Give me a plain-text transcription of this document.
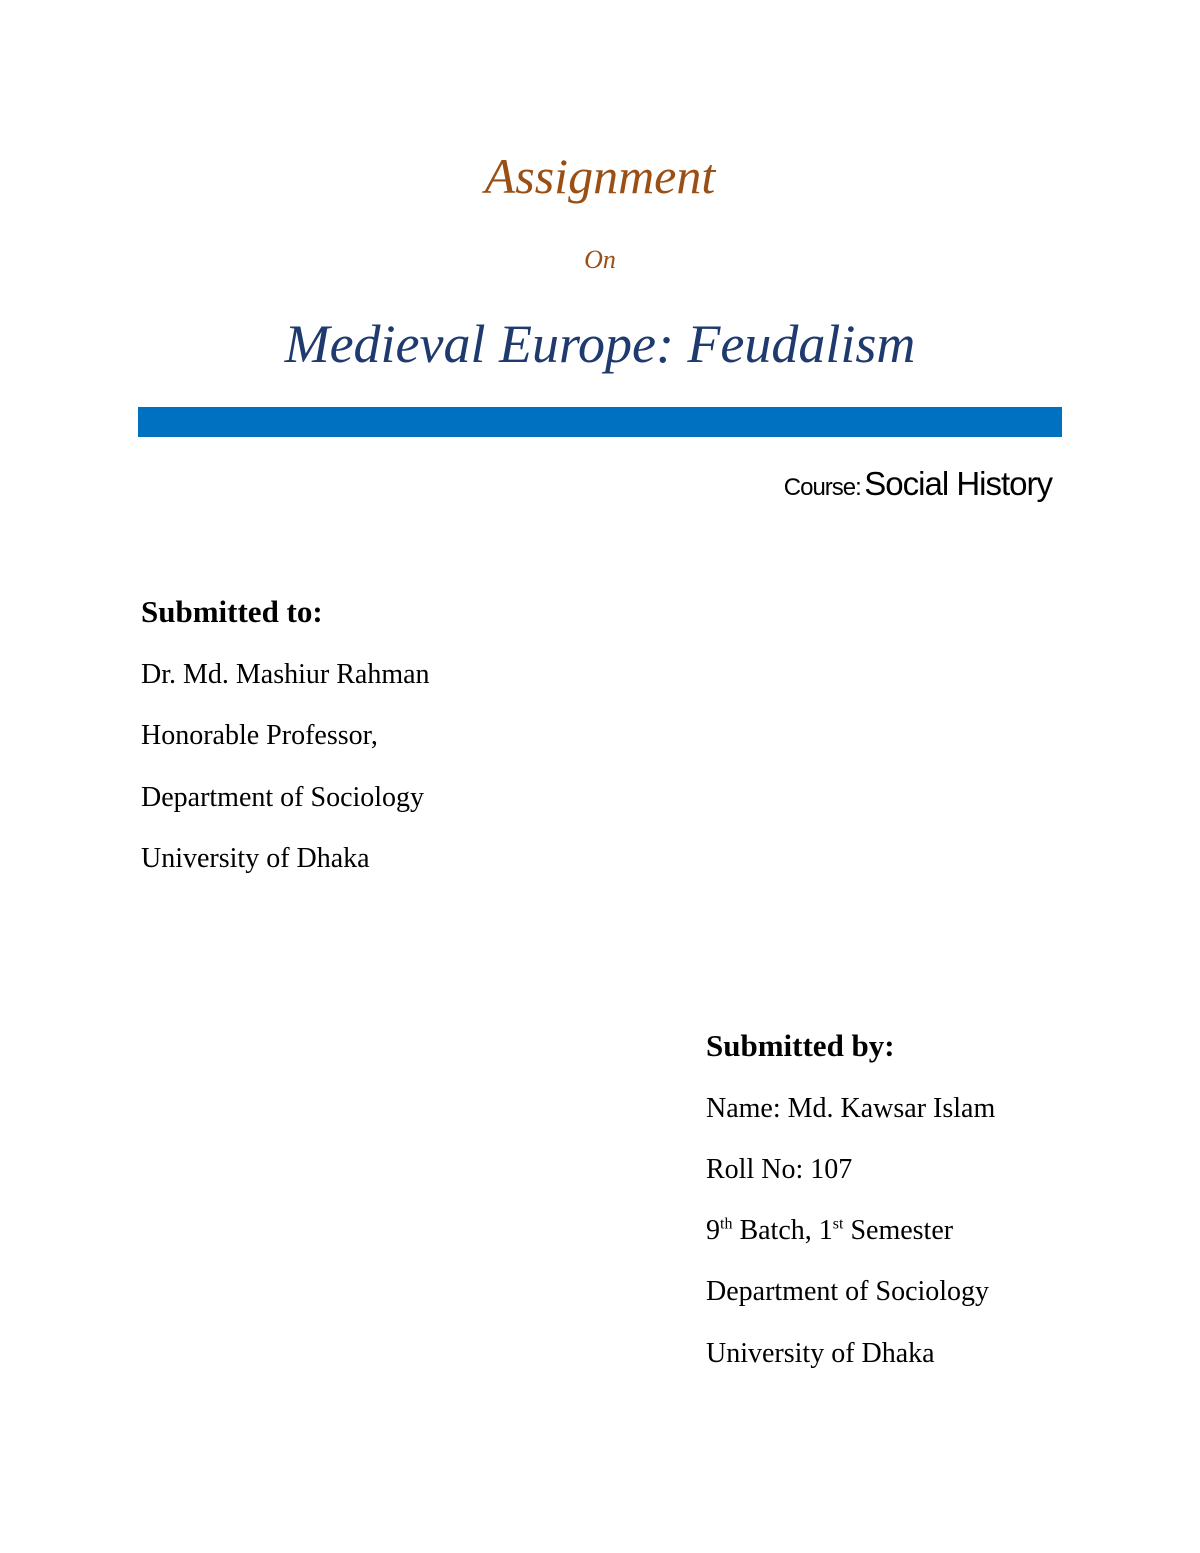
Assignment
On
Medieval Europe: Feudalism
Course: Social History
Submitted to:
Dr. Md. Mashiur Rahman
Honorable Professor,
Department of Sociology
University of Dhaka
Submitted by:
Name: Md. Kawsar Islam
Roll No: 107
9th Batch, 1st Semester
Department of Sociology
University of Dhaka
